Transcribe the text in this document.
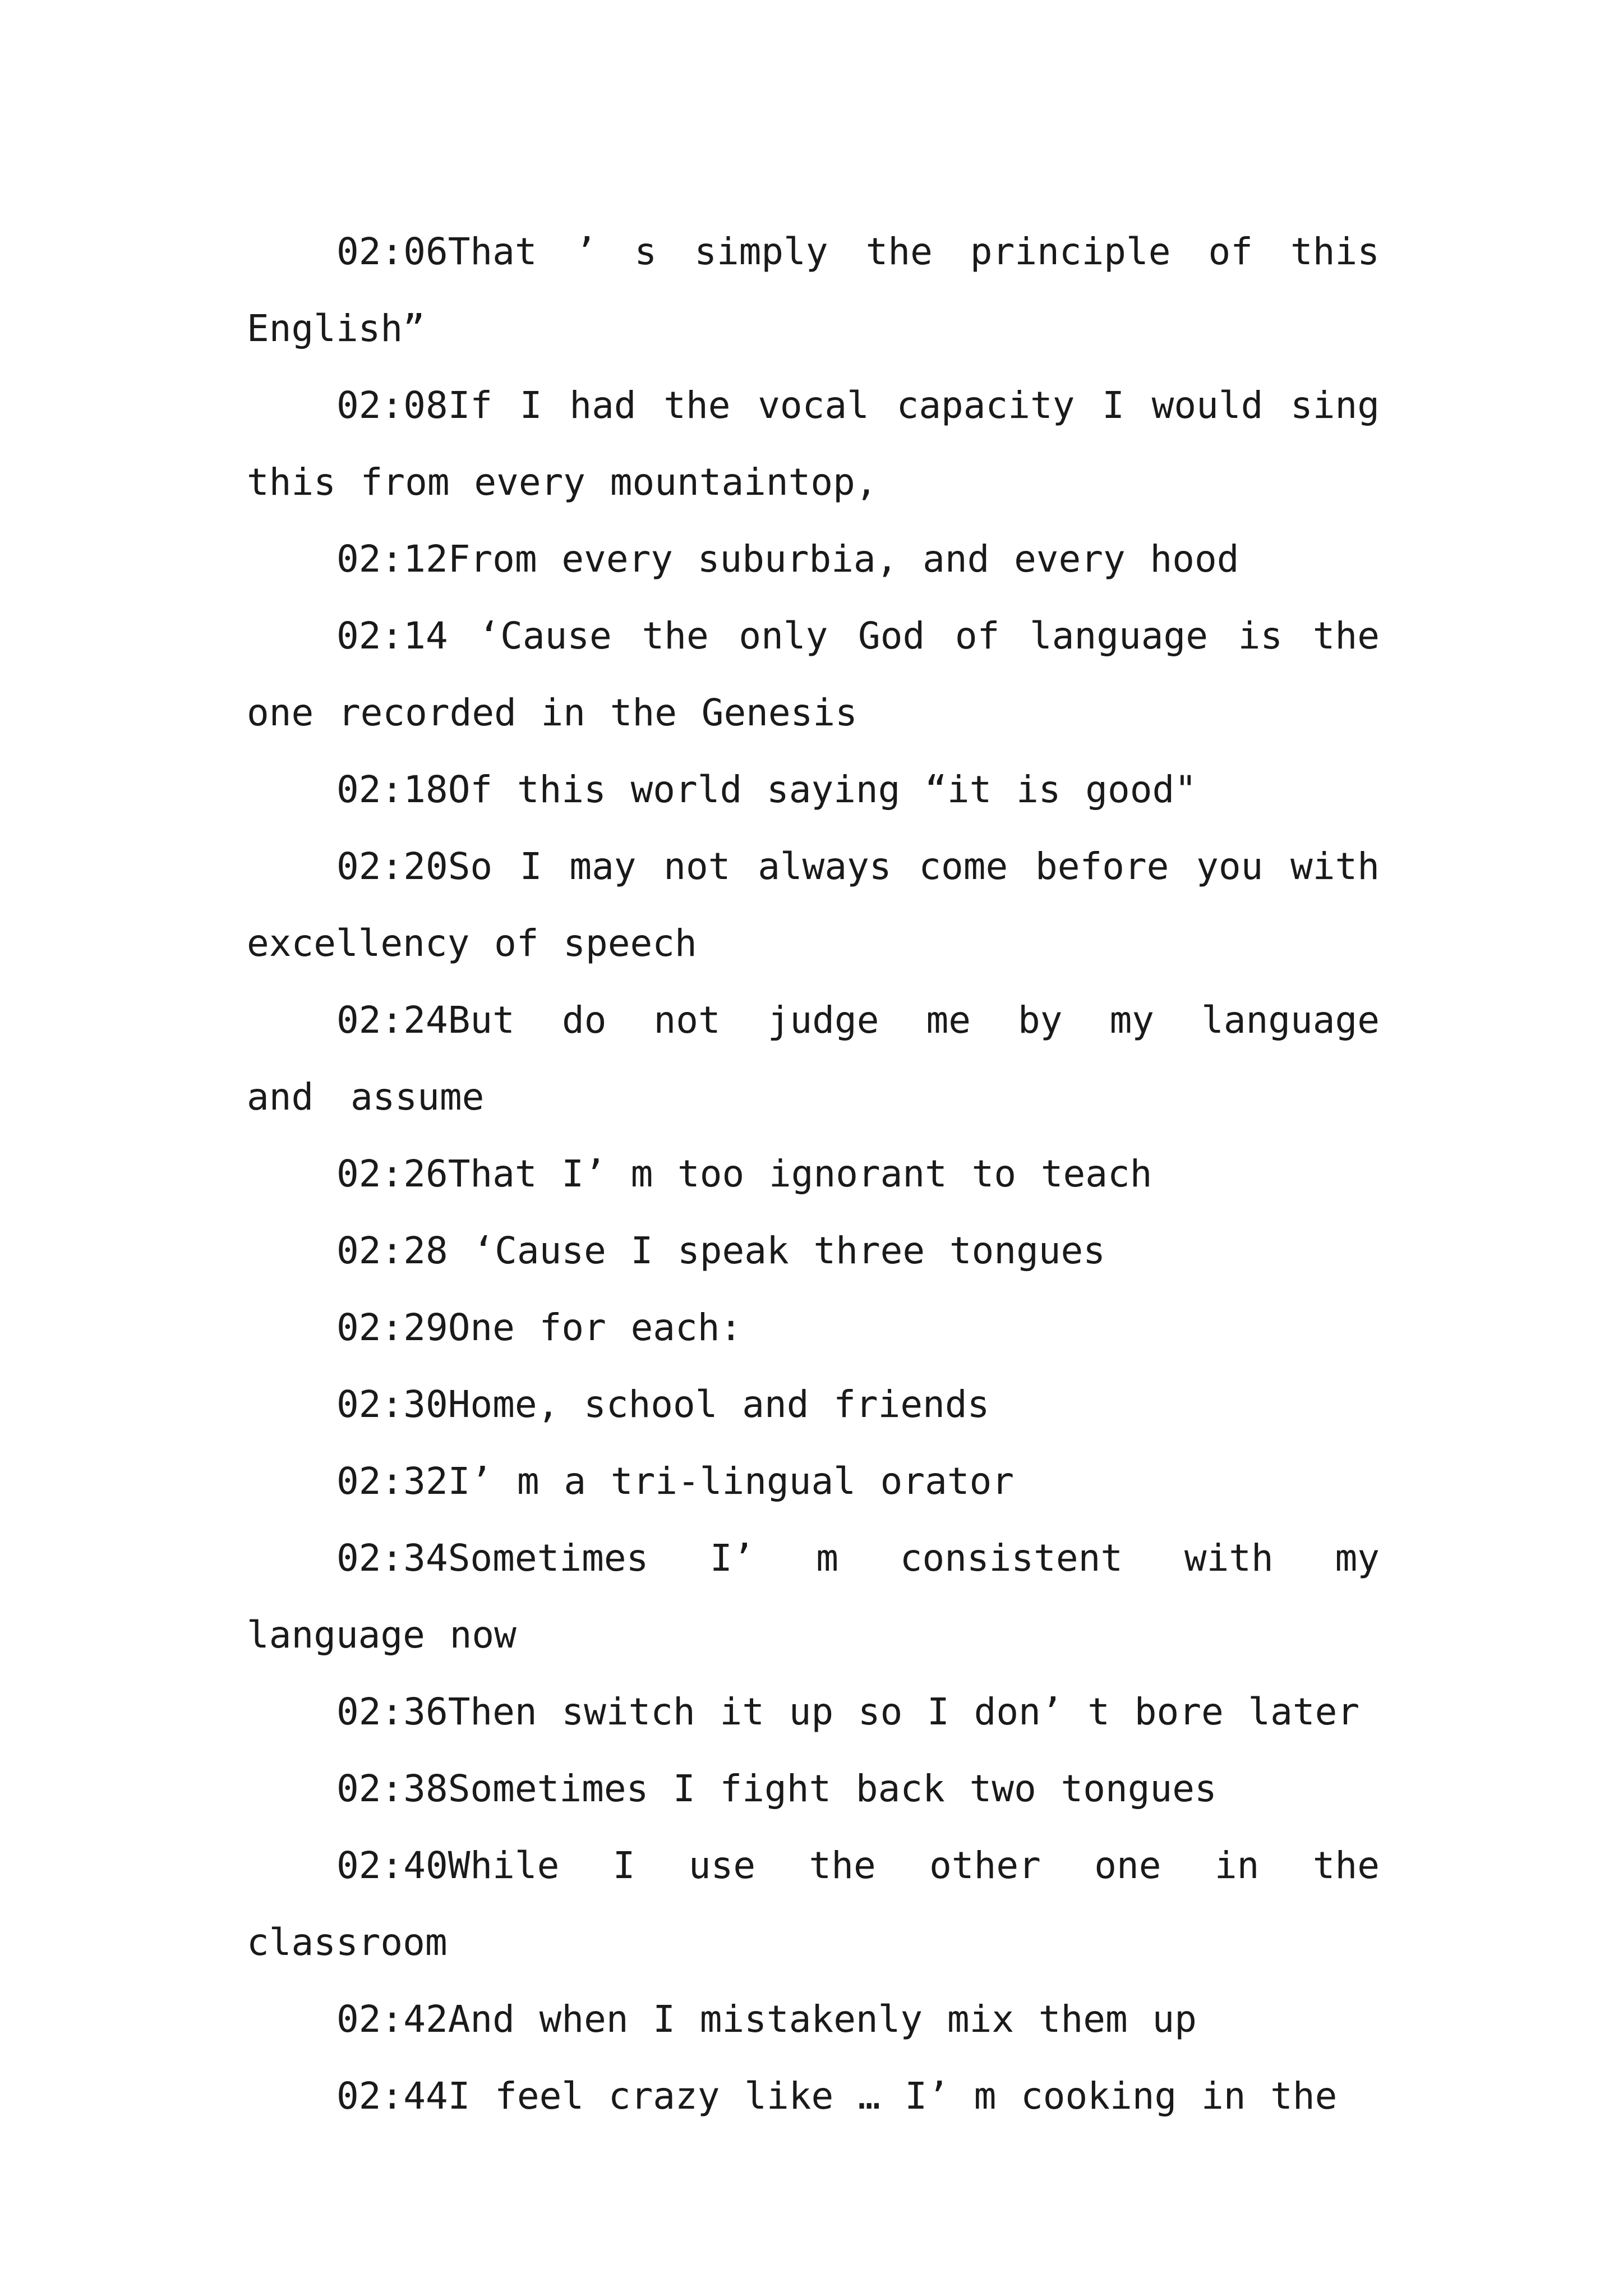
02:06That ’ s simply the principle of this English”

02:08If I had the vocal capacity I would sing this from every mountaintop,

02:12From every suburbia, and every hood

02:14 ‘Cause the only God of language is the one recorded in the Genesis

02:18Of this world saying “it is good"

02:20So I may not always come before you with excellency of speech

02:24But do not judge me by my language and assume

02:26That I’ m too ignorant to teach

02:28 ‘Cause I speak three tongues

02:29One for each:

02:30Home, school and friends

02:32I’ m a tri-lingual orator

02:34Sometimes I’ m consistent with my language now

02:36Then switch it up so I don’ t bore later

02:38Sometimes I fight back two tongues

02:40While I use the other one in the classroom

02:42And when I mistakenly mix them up

02:44I feel crazy like … I’ m cooking in the
